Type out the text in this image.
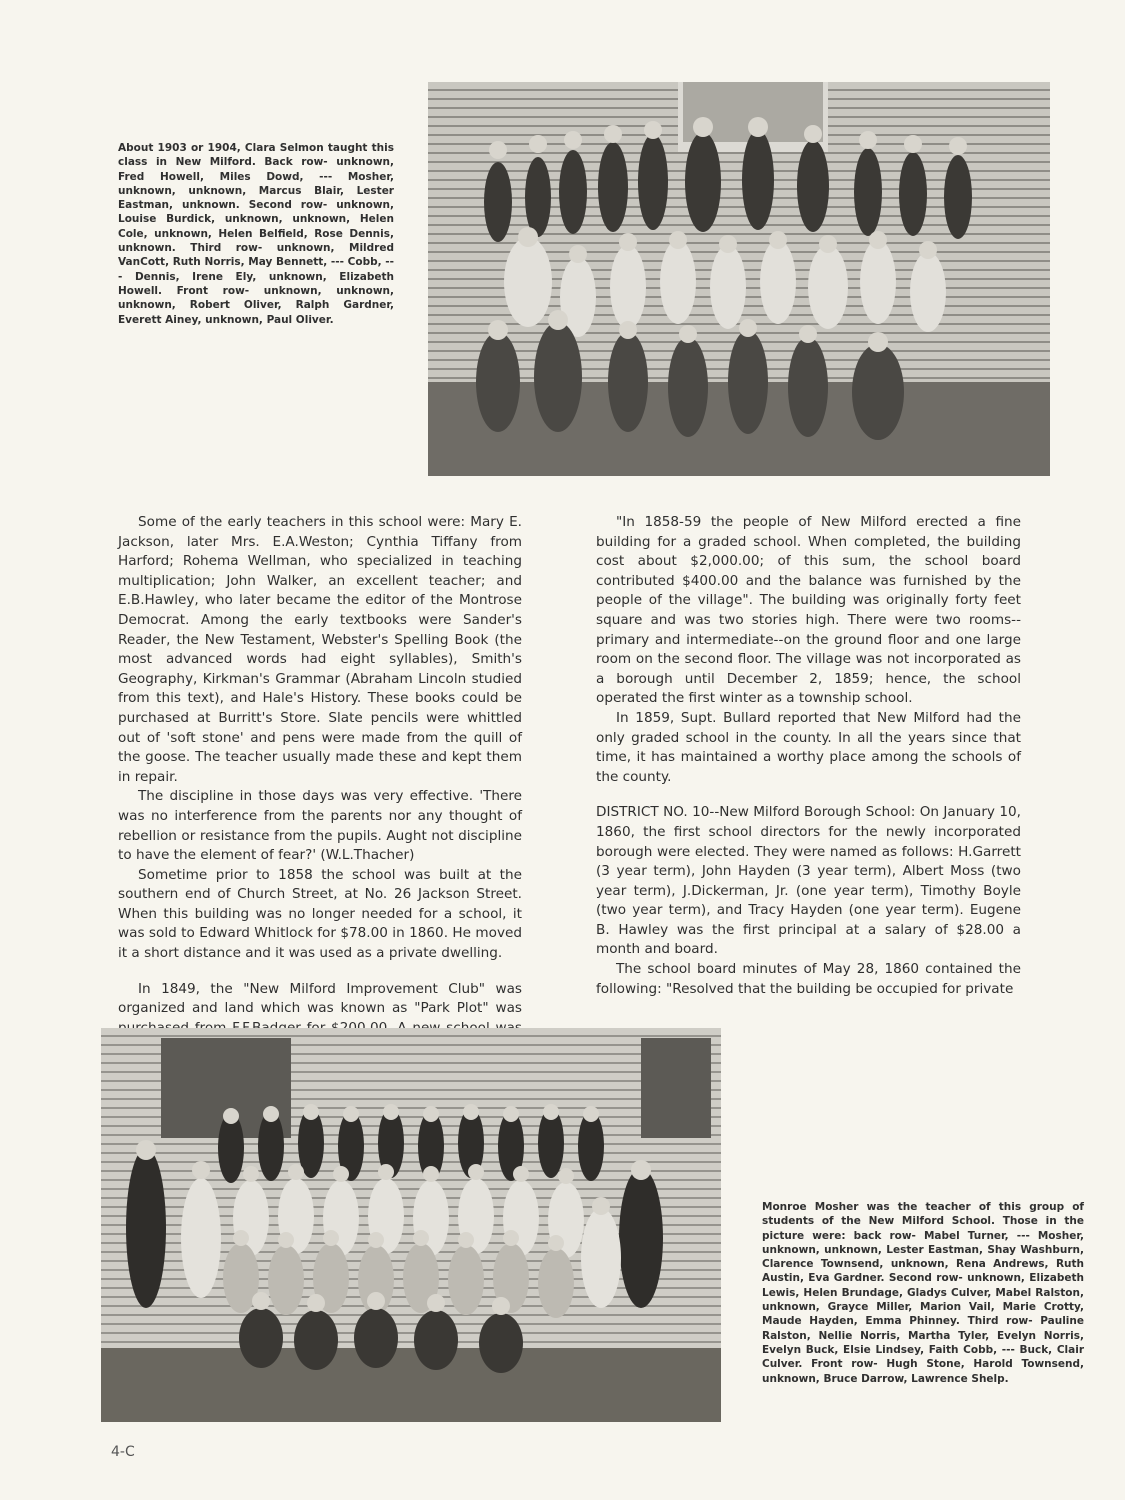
About 1903 or 1904, Clara Selmon taught this class in New Milford. Back row- unknown, Fred Howell, Miles Dowd, --- Mosher, unknown, unknown, Marcus Blair, Lester Eastman, unknown. Second row- unknown, Louise Burdick, unknown, unknown, Helen Cole, unknown, Helen Belfield, Rose Dennis, unknown. Third row- unknown, Mildred VanCott, Ruth Norris, May Bennett, --- Cobb, --- Dennis, Irene Ely, unknown, Elizabeth Howell. Front row- unknown, unknown, unknown, Robert Oliver, Ralph Gardner, Everett Ainey, unknown, Paul Oliver.

Some of the early teachers in this school were: Mary E. Jackson, later Mrs. E.A.Weston; Cynthia Tiffany from Harford; Rohema Wellman, who specialized in teaching multiplication; John Walker, an excellent teacher; and E.B.Hawley, who later became the editor of the Montrose Democrat. Among the early textbooks were Sander's Reader, the New Testament, Webster's Spelling Book (the most advanced words had eight syllables), Smith's Geography, Kirkman's Grammar (Abraham Lincoln studied from this text), and Hale's History. These books could be purchased at Burritt's Store. Slate pencils were whittled out of 'soft stone' and pens were made from the quill of the goose. The teacher usually made these and kept them in repair.

The discipline in those days was very effective. 'There was no interference from the parents nor any thought of rebellion or resistance from the pupils. Aught not discipline to have the element of fear?' (W.L.Thacher)

Sometime prior to 1858 the school was built at the southern end of Church Street, at No. 26 Jackson Street. When this building was no longer needed for a school, it was sold to Edward Whitlock for $78.00 in 1860. He moved it a short distance and it was used as a private dwelling.

In 1849, the "New Milford Improvement Club" was organized and land which was known as "Park Plot" was

"In 1858-59 the people of New Milford erected a fine building for a graded school. When completed, the building cost about $2,000.00; of this sum, the school board contributed $400.00 and the balance was furnished by the people of the village". The building was originally forty feet square and was two stories high. There were two rooms--primary and intermediate--on the ground floor and one large room on the second floor. The village was not incorporated as a borough until December 2, 1859; hence, the school operated the first winter as a township school.

In 1859, Supt. Bullard reported that New Milford had the only graded school in the county. In all the years since that time, it has maintained a worthy place among the schools of the county.

DISTRICT NO. 10--New Milford Borough School: On January 10, 1860, the first school directors for the newly incorporated borough were elected. They were named as follows: H.Garrett (3 year term), John Hayden (3 year term), Albert Moss (two year term), J.Dickerman, Jr. (one year term), Timothy Boyle (two year term), and Tracy Hayden (one year term). Eugene B. Hawley was the first principal at a salary of $28.00 a month and board.

The school board minutes of May 28, 1860 contained the following: "Resolved that the building be occupied for private

Monroe Mosher was the teacher of this group of students of the New Milford School. Those in the picture were: back row- Mabel Turner, --- Mosher, unknown, unknown, Lester Eastman, Shay Washburn, Clarence Townsend, unknown, Rena Andrews, Ruth Austin, Eva Gardner. Second row- unknown, Elizabeth Lewis, Helen Brundage, Gladys Culver, Mabel Ralston, unknown, Grayce Miller, Marion Vail, Marie Crotty, Maude Hayden, Emma Phinney. Third row- Pauline Ralston, Nellie Norris, Martha Tyler, Evelyn Norris, Evelyn Buck, Elsie Lindsey, Faith Cobb, --- Buck, Clair Culver. Front row- Hugh Stone, Harold Townsend, unknown, Bruce Darrow, Lawrence Shelp.
4-C
